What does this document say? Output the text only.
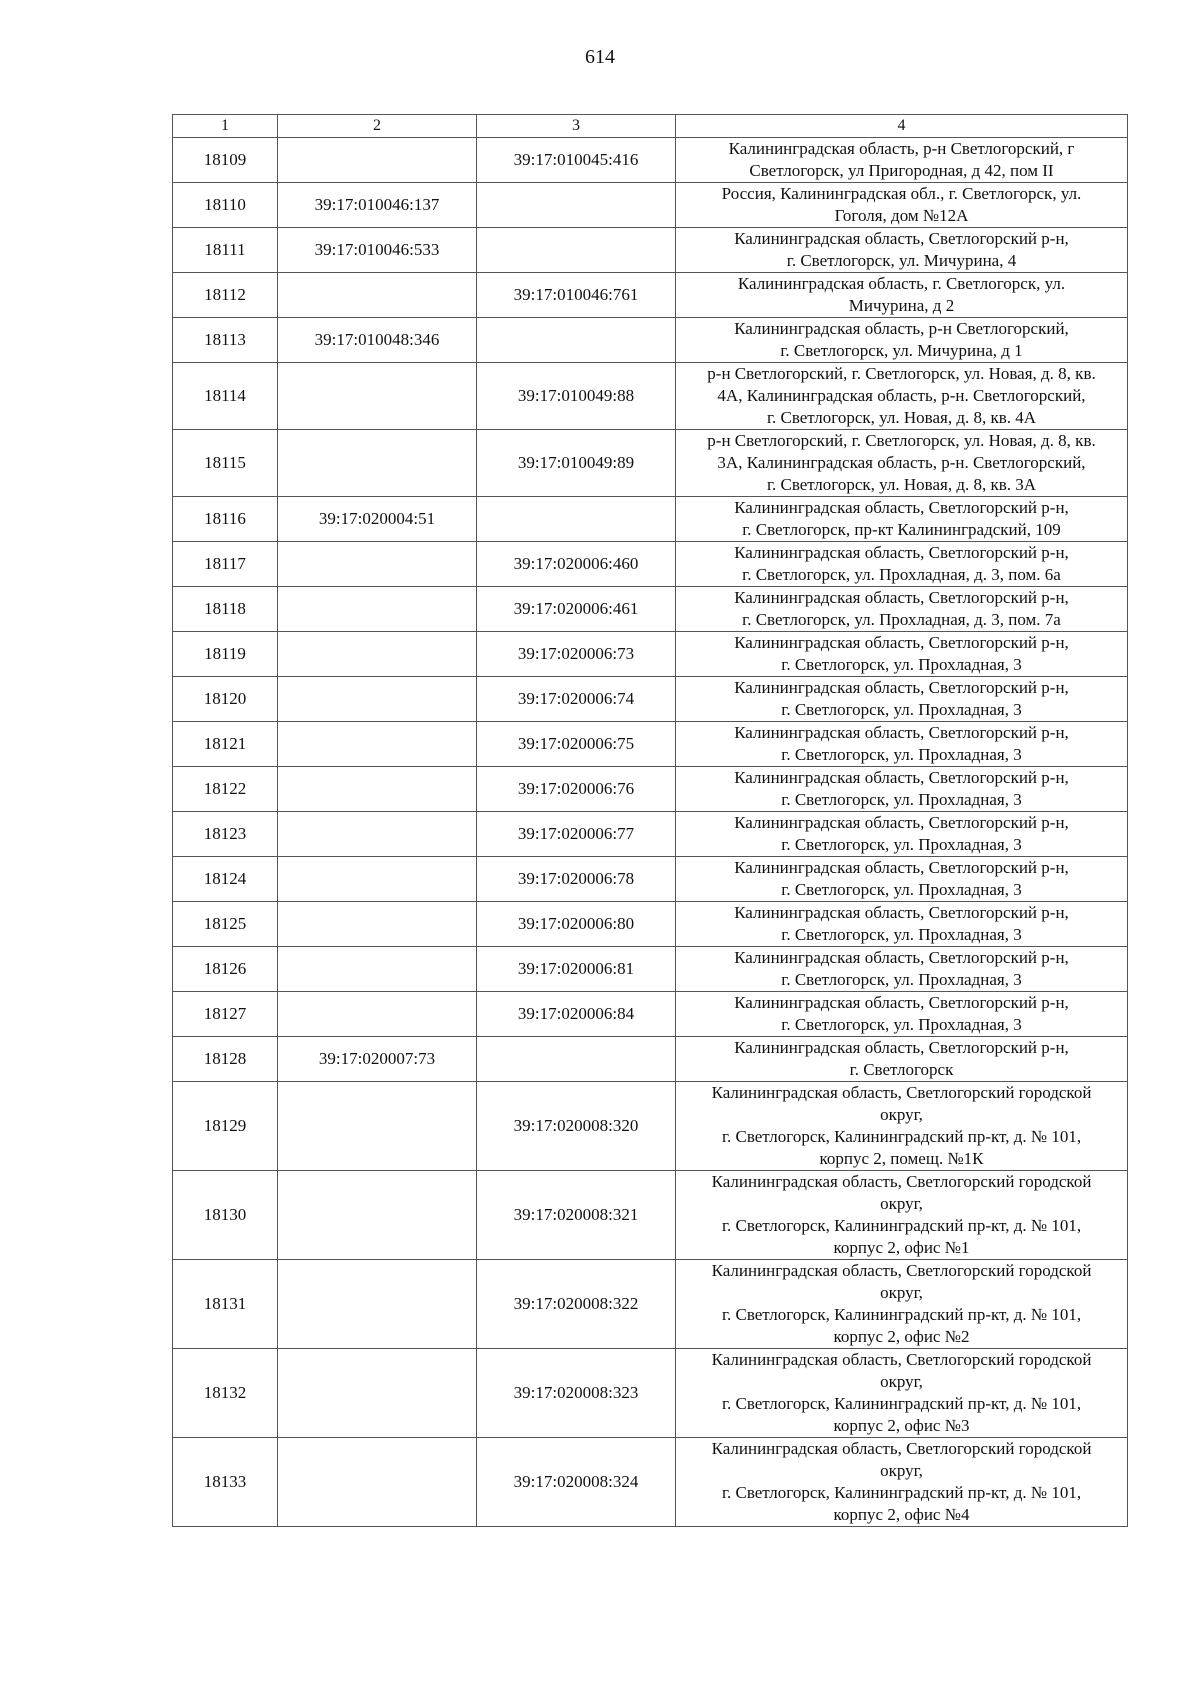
614
1	2	3	4
18109		39:17:010045:416	Калининградская область, р-н Светлогорский, г
Светлогорск, ул Пригородная, д 42, пом II
18110	39:17:010046:137		Россия, Калининградская обл., г. Светлогорск, ул.
Гоголя, дом №12А
18111	39:17:010046:533		Калининградская область, Светлогорский р-н,
г. Светлогорск, ул. Мичурина, 4
18112		39:17:010046:761	Калининградская область, г. Светлогорск, ул.
Мичурина, д 2
18113	39:17:010048:346		Калининградская область, р-н Светлогорский,
г. Светлогорск, ул. Мичурина, д 1
18114		39:17:010049:88	р-н Светлогорский, г. Светлогорск, ул. Новая, д. 8, кв.
4А, Калининградская область, р-н. Светлогорский,
г. Светлогорск, ул. Новая, д. 8, кв. 4А
18115		39:17:010049:89	р-н Светлогорский, г. Светлогорск, ул. Новая, д. 8, кв.
3А, Калининградская область, р-н. Светлогорский,
г. Светлогорск, ул. Новая, д. 8, кв. 3А
18116	39:17:020004:51		Калининградская область, Светлогорский р-н,
г. Светлогорск, пр-кт Калининградский, 109
18117		39:17:020006:460	Калининградская область, Светлогорский р-н,
г. Светлогорск, ул. Прохладная, д. 3, пом. 6а
18118		39:17:020006:461	Калининградская область, Светлогорский р-н,
г. Светлогорск, ул. Прохладная, д. 3, пом. 7а
18119		39:17:020006:73	Калининградская область, Светлогорский р-н,
г. Светлогорск, ул. Прохладная, 3
18120		39:17:020006:74	Калининградская область, Светлогорский р-н,
г. Светлогорск, ул. Прохладная, 3
18121		39:17:020006:75	Калининградская область, Светлогорский р-н,
г. Светлогорск, ул. Прохладная, 3
18122		39:17:020006:76	Калининградская область, Светлогорский р-н,
г. Светлогорск, ул. Прохладная, 3
18123		39:17:020006:77	Калининградская область, Светлогорский р-н,
г. Светлогорск, ул. Прохладная, 3
18124		39:17:020006:78	Калининградская область, Светлогорский р-н,
г. Светлогорск, ул. Прохладная, 3
18125		39:17:020006:80	Калининградская область, Светлогорский р-н,
г. Светлогорск, ул. Прохладная, 3
18126		39:17:020006:81	Калининградская область, Светлогорский р-н,
г. Светлогорск, ул. Прохладная, 3
18127		39:17:020006:84	Калининградская область, Светлогорский р-н,
г. Светлогорск, ул. Прохладная, 3
18128	39:17:020007:73		Калининградская область, Светлогорский р-н,
г. Светлогорск
18129		39:17:020008:320	Калининградская область, Светлогорский городской
округ,
г. Светлогорск, Калининградский пр-кт, д. № 101,
корпус 2, помещ. №1К
18130		39:17:020008:321	Калининградская область, Светлогорский городской
округ,
г. Светлогорск, Калининградский пр-кт, д. № 101,
корпус 2, офис №1
18131		39:17:020008:322	Калининградская область, Светлогорский городской
округ,
г. Светлогорск, Калининградский пр-кт, д. № 101,
корпус 2, офис №2
18132		39:17:020008:323	Калининградская область, Светлогорский городской
округ,
г. Светлогорск, Калининградский пр-кт, д. № 101,
корпус 2, офис №3
18133		39:17:020008:324	Калининградская область, Светлогорский городской
округ,
г. Светлогорск, Калининградский пр-кт, д. № 101,
корпус 2, офис №4
